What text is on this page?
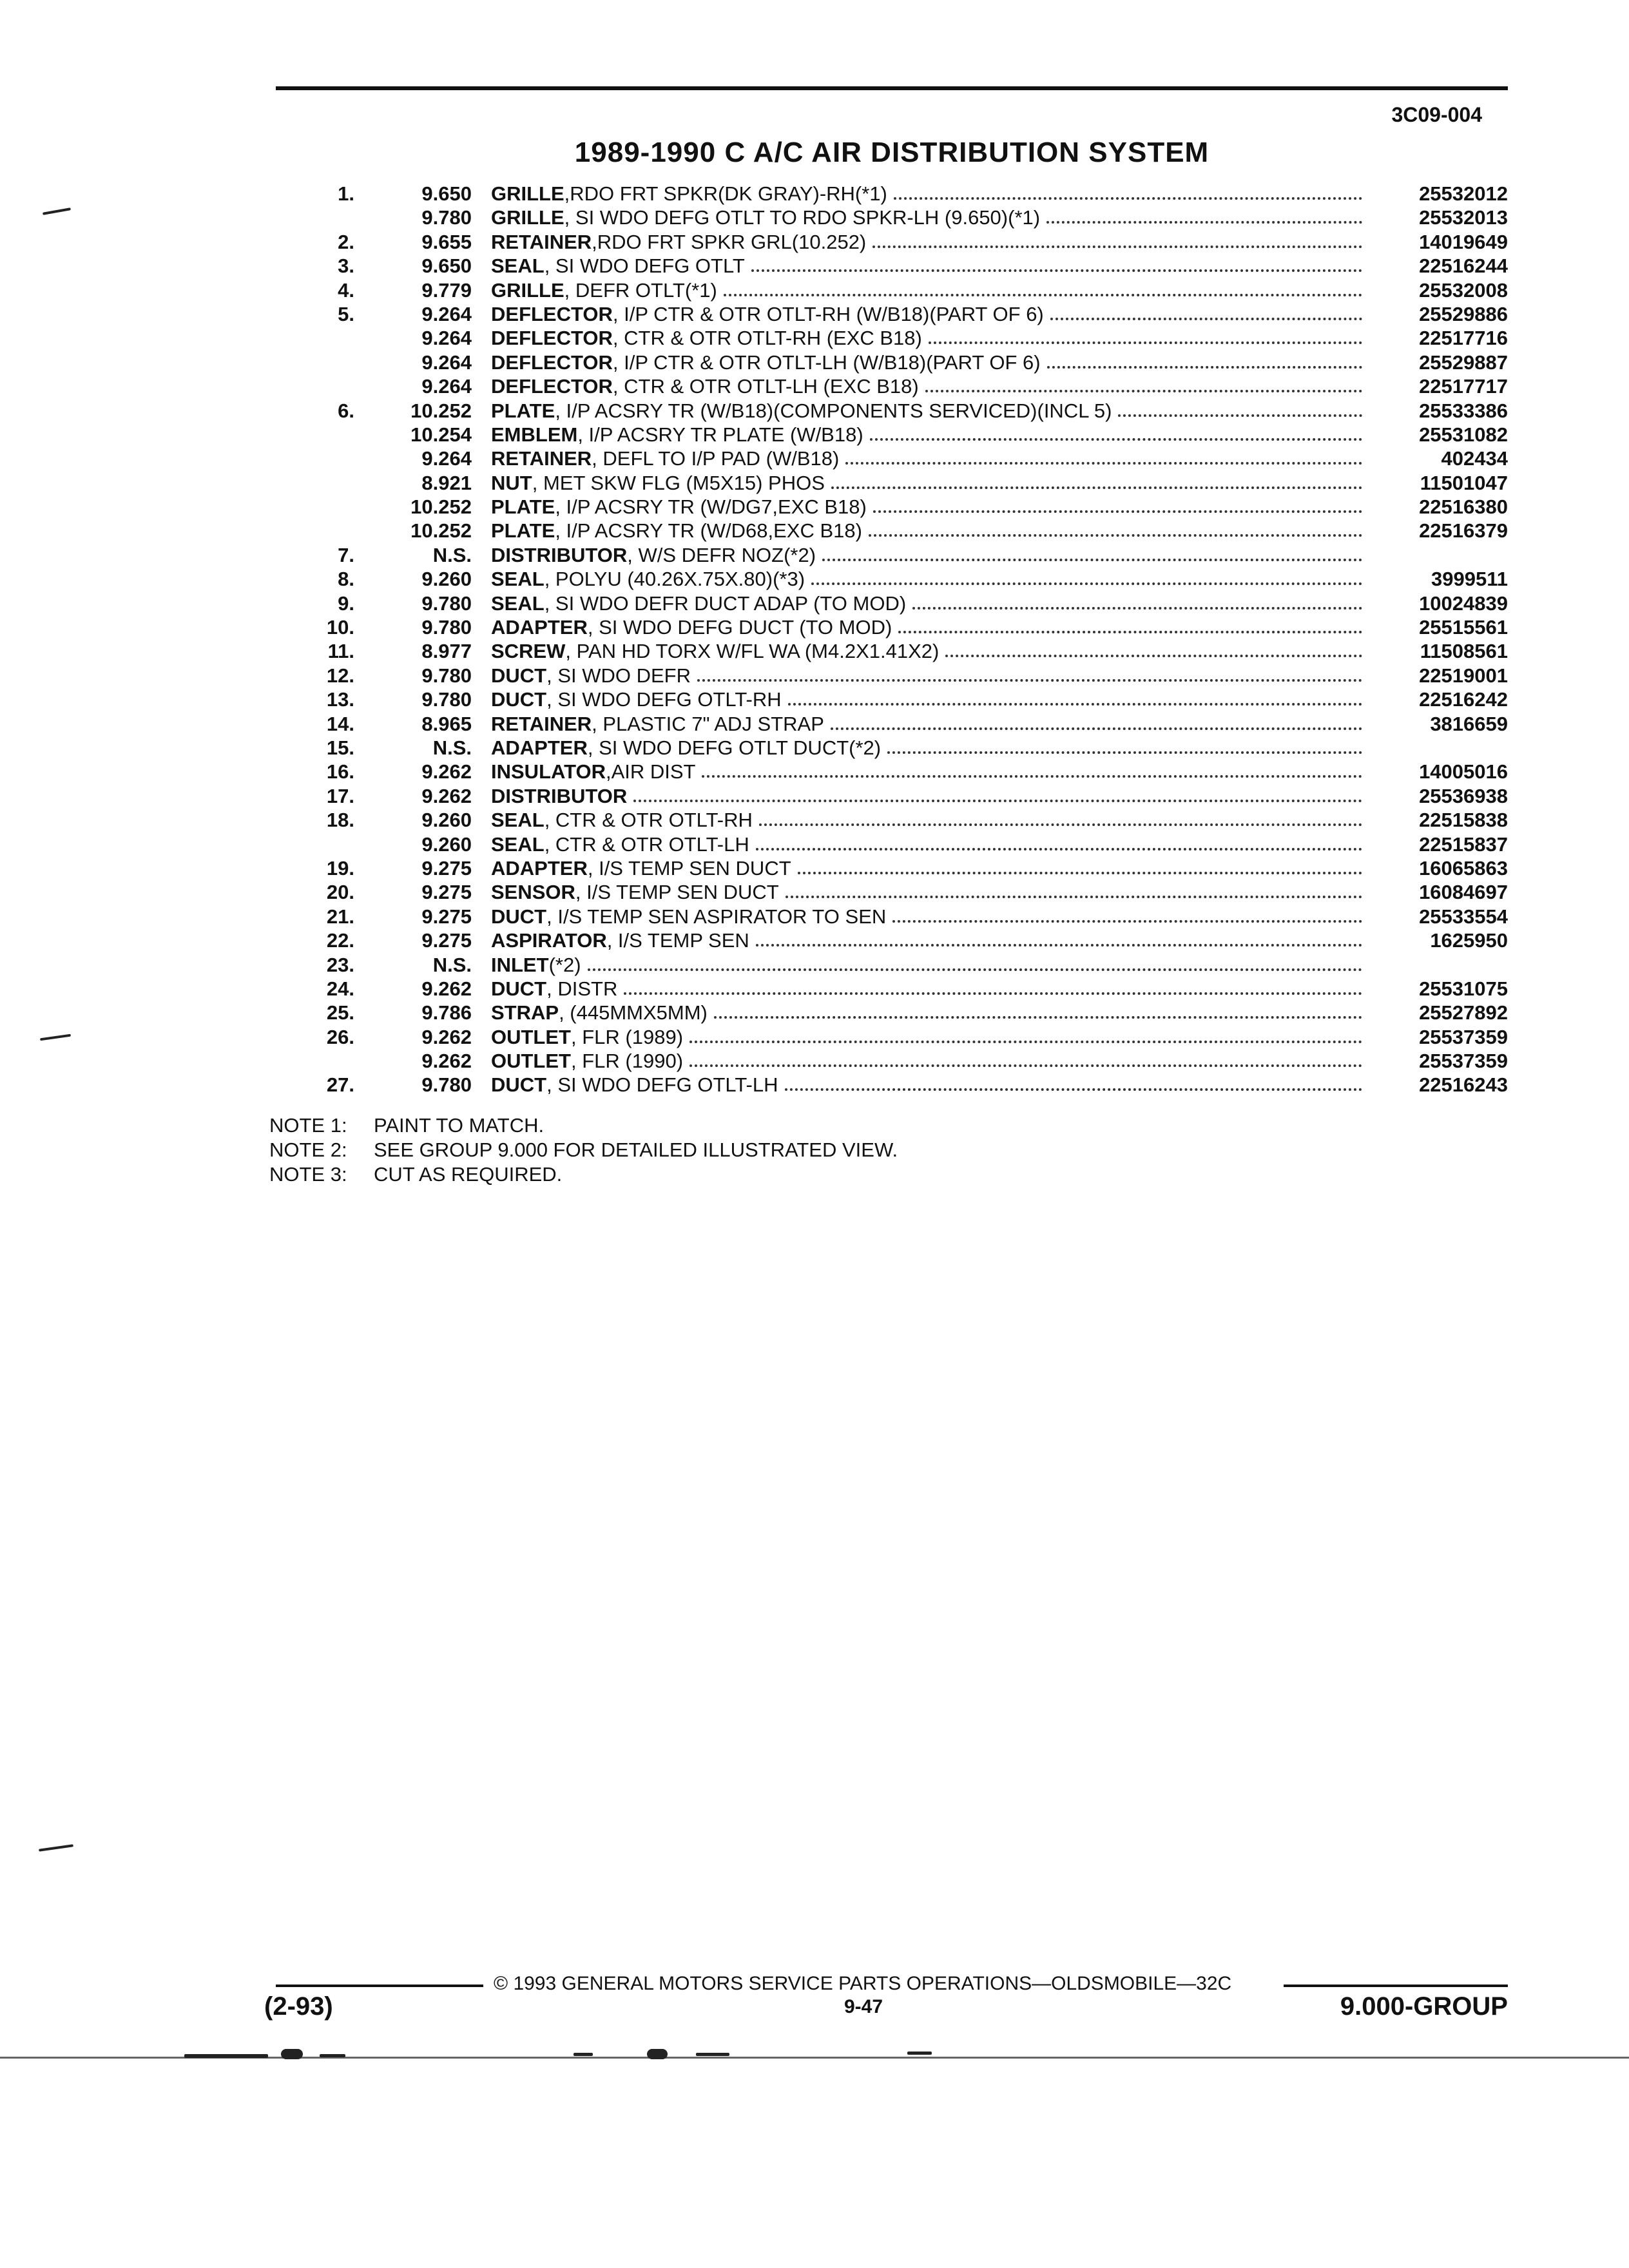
3C09-004
1989-1990 C A/C AIR DISTRIBUTION SYSTEM
1.	9.650 GRILLE ,RDO FRT SPKR(DK GRAY)-RH(*1)	25532012
9.780 GRILLE , SI WDO DEFG OTLT TO RDO SPKR-LH (9.650)(*1)	25532013
2.	9.655 RETAINER ,RDO FRT SPKR GRL(10.252)	14019649
3.	9.650 SEAL , SI WDO DEFG OTLT	22516244
4.	9.779 GRILLE , DEFR OTLT(*1)	25532008
5.	9.264 DEFLECTOR , I/P CTR & OTR OTLT-RH (W/B18)(PART OF 6)	25529886
9.264 DEFLECTOR , CTR & OTR OTLT-RH (EXC B18)	22517716
9.264 DEFLECTOR , I/P CTR & OTR OTLT-LH (W/B18)(PART OF 6)	25529887
9.264 DEFLECTOR , CTR & OTR OTLT-LH (EXC B18)	22517717
6.	10.252 PLATE , I/P ACSRY TR (W/B18)(COMPONENTS SERVICED)(INCL 5)	25533386
10.254 EMBLEM , I/P ACSRY TR PLATE (W/B18)	25531082
9.264 RETAINER , DEFL TO I/P PAD (W/B18)	402434
8.921 NUT , MET SKW FLG (M5X15) PHOS	11501047
10.252 PLATE , I/P ACSRY TR (W/DG7,EXC B18)	22516380
10.252 PLATE , I/P ACSRY TR (W/D68,EXC B18)	22516379
7.	N.S. DISTRIBUTOR , W/S DEFR NOZ(*2)
8.	9.260 SEAL , POLYU (40.26X.75X.80)(*3)	3999511
9.	9.780 SEAL , SI WDO DEFR DUCT ADAP (TO MOD)	10024839
10.	9.780 ADAPTER , SI WDO DEFG DUCT (TO MOD)	25515561
11.	8.977 SCREW , PAN HD TORX W/FL WA (M4.2X1.41X2)	11508561
12.	9.780 DUCT , SI WDO DEFR	22519001
13.	9.780 DUCT , SI WDO DEFG OTLT-RH	22516242
14.	8.965 RETAINER , PLASTIC 7" ADJ STRAP	3816659
15.	N.S. ADAPTER , SI WDO DEFG OTLT DUCT(*2)
16.	9.262 INSULATOR ,AIR DIST	14005016
17.	9.262 DISTRIBUTOR	25536938
18.	9.260 SEAL , CTR & OTR OTLT-RH	22515838
9.260 SEAL , CTR & OTR OTLT-LH	22515837
19.	9.275 ADAPTER , I/S TEMP SEN DUCT	16065863
20.	9.275 SENSOR , I/S TEMP SEN DUCT	16084697
21.	9.275 DUCT , I/S TEMP SEN ASPIRATOR TO SEN	25533554
22.	9.275 ASPIRATOR , I/S TEMP SEN	1625950
23.	N.S. INLET (*2)
24.	9.262 DUCT , DISTR	25531075
25.	9.786 STRAP , (445MMX5MM)	25527892
26.	9.262 OUTLET , FLR (1989)	25537359
9.262 OUTLET , FLR (1990)	25537359
27.	9.780 DUCT , SI WDO DEFG OTLT-LH	22516243
NOTE 1: PAINT TO MATCH.
NOTE 2: SEE GROUP 9.000 FOR DETAILED ILLUSTRATED VIEW.
NOTE 3: CUT AS REQUIRED.
© 1993 GENERAL MOTORS SERVICE PARTS OPERATIONS—OLDSMOBILE—32C
(2-93)	9-47	9.000-GROUP
